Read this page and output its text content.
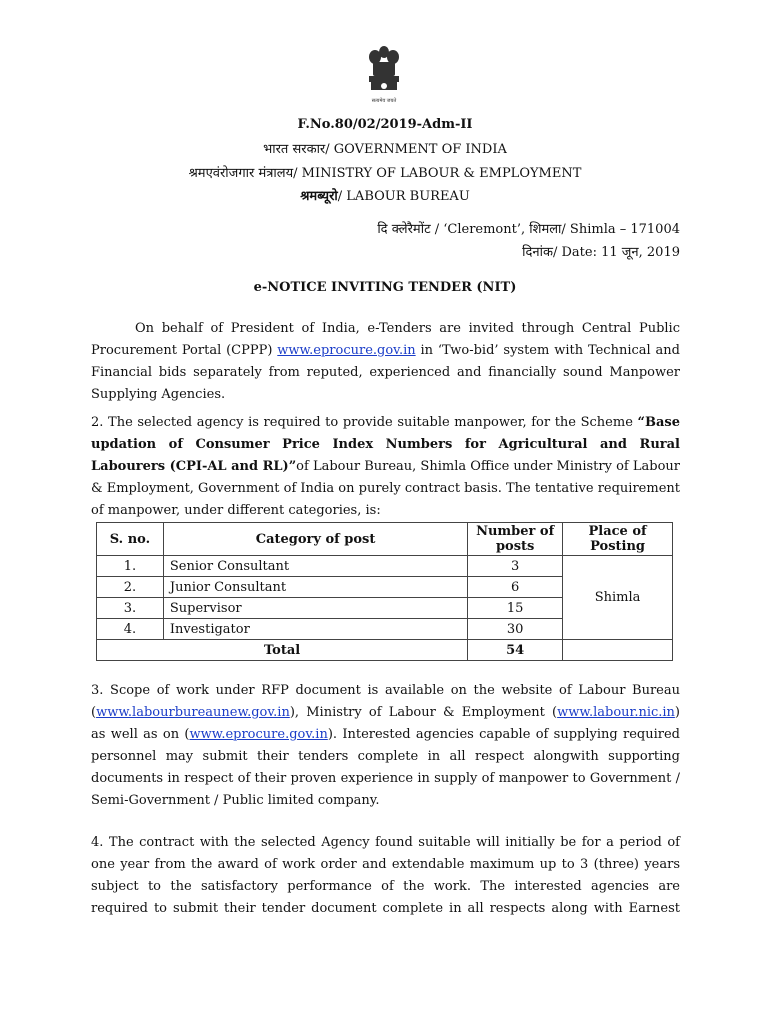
सत्यमेव जयते
F.No.80/02/2019-Adm-II
भारत सरकार/ GOVERNMENT OF INDIA
श्रमएवंरोजगार मंत्रालय/ MINISTRY OF LABOUR & EMPLOYMENT
श्रमब्यूरो/ LABOUR BUREAU
दि क्लेरैमोंट / ‘Cleremont’, शिमला/ Shimla – 171004
दिनांक/ Date: 11 जून, 2019
e-NOTICE INVITING TENDER (NIT)

On behalf of President of India, e-Tenders are invited through Central Public Procurement Portal (CPPP) www.eprocure.gov.in in ‘Two-bid’ system with Technical and Financial bids separately from reputed, experienced and financially sound Manpower Supplying Agencies.

2. The selected agency is required to provide suitable manpower, for the Scheme “Base updation of Consumer Price Index Numbers for Agricultural and Rural Labourers (CPI-AL and RL)”of Labour Bureau, Shimla Office under Ministry of Labour & Employment, Government of India on purely contract basis. The tentative requirement of manpower, under different categories, is:

S. no.	Category of post	Number of posts	Place of Posting
1.	Senior Consultant	3	Shimla
2.	Junior Consultant	6	
3.	Supervisor	15	
4.	Investigator	30	
Total		54	

3. Scope of work under RFP document is available on the website of Labour Bureau (www.labourbureaunew.gov.in), Ministry of Labour & Employment (www.labour.nic.in) as well as on (www.eprocure.gov.in). Interested agencies capable of supplying required personnel may submit their tenders complete in all respect alongwith supporting documents in respect of their proven experience in supply of manpower to Government / Semi-Government / Public limited company.

4. The contract with the selected Agency found suitable will initially be for a period of one year from the award of work order and extendable maximum up to 3 (three) years subject to the satisfactory performance of the work. The interested agencies are required to submit their tender document complete in all respects along with Earnest
